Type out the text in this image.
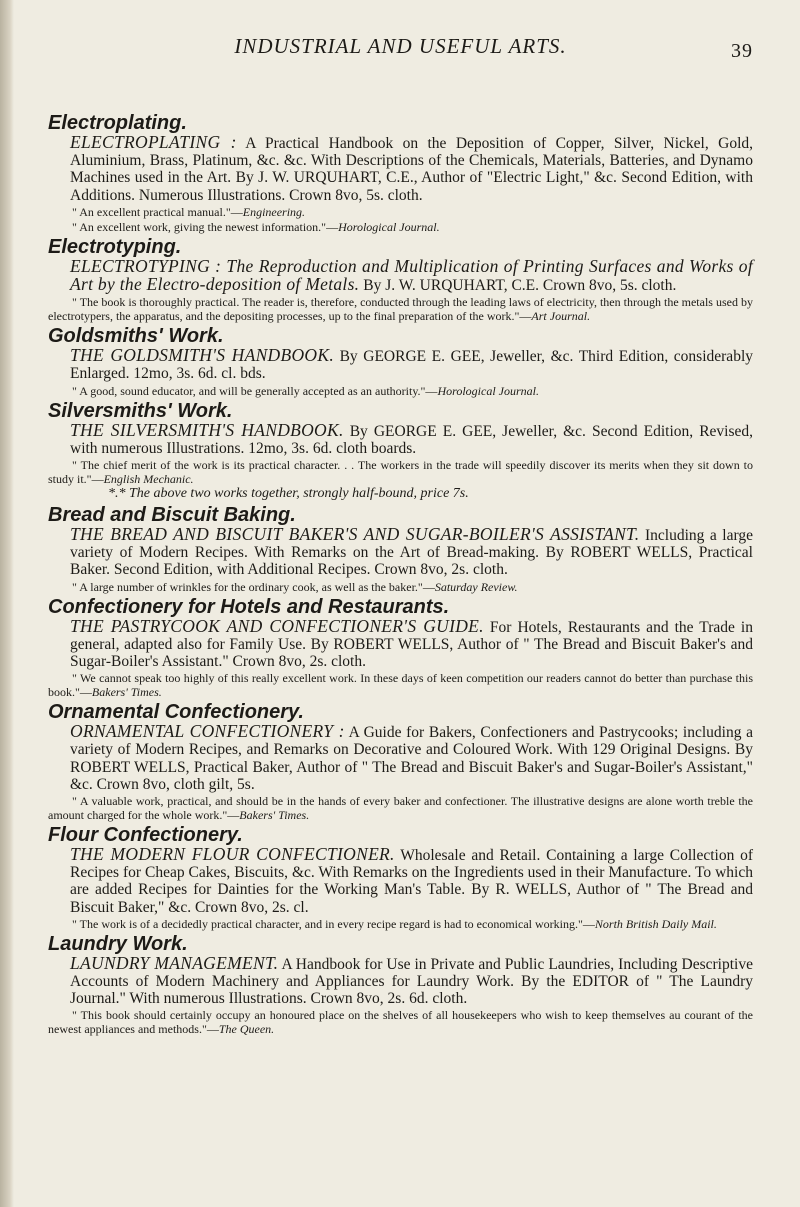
INDUSTRIAL AND USEFUL ARTS.	39

Electroplating.

ELECTROPLATING : A Practical Handbook on the Deposition of Copper, Silver, Nickel, Gold, Aluminium, Brass, Platinum, &c. &c. With Descriptions of the Chemicals, Materials, Batteries, and Dynamo Machines used in the Art. By J. W. URQUHART, C.E., Author of "Electric Light," &c. Second Edition, with Additions. Numerous Illustrations. Crown 8vo, 5s. cloth.

" An excellent practical manual."—Engineering.

" An excellent work, giving the newest information."—Horological Journal.

Electrotyping.

ELECTROTYPING : The Reproduction and Multiplication of Printing Surfaces and Works of Art by the Electro-deposition of Metals. By J. W. URQUHART, C.E. Crown 8vo, 5s. cloth.

" The book is thoroughly practical. The reader is, therefore, conducted through the leading laws of electricity, then through the metals used by electrotypers, the apparatus, and the depositing processes, up to the final preparation of the work."—Art Journal.

Goldsmiths' Work.

THE GOLDSMITH'S HANDBOOK. By GEORGE E. GEE, Jeweller, &c. Third Edition, considerably Enlarged. 12mo, 3s. 6d. cl. bds.

" A good, sound educator, and will be generally accepted as an authority."—Horological Journal.

Silversmiths' Work.

THE SILVERSMITH'S HANDBOOK. By GEORGE E. GEE, Jeweller, &c. Second Edition, Revised, with numerous Illustrations. 12mo, 3s. 6d. cloth boards.

" The chief merit of the work is its practical character. . . The workers in the trade will speedily discover its merits when they sit down to study it."—English Mechanic.

*.* The above two works together, strongly half-bound, price 7s.

Bread and Biscuit Baking.

THE BREAD AND BISCUIT BAKER'S AND SUGAR-BOILER'S ASSISTANT. Including a large variety of Modern Recipes. With Remarks on the Art of Bread-making. By ROBERT WELLS, Practical Baker. Second Edition, with Additional Recipes. Crown 8vo, 2s. cloth.

" A large number of wrinkles for the ordinary cook, as well as the baker."—Saturday Review.

Confectionery for Hotels and Restaurants.

THE PASTRYCOOK AND CONFECTIONER'S GUIDE. For Hotels, Restaurants and the Trade in general, adapted also for Family Use. By ROBERT WELLS, Author of " The Bread and Biscuit Baker's and Sugar-Boiler's Assistant." Crown 8vo, 2s. cloth.

" We cannot speak too highly of this really excellent work. In these days of keen competition our readers cannot do better than purchase this book."—Bakers' Times.

Ornamental Confectionery.

ORNAMENTAL CONFECTIONERY : A Guide for Bakers, Confectioners and Pastrycooks; including a variety of Modern Recipes, and Remarks on Decorative and Coloured Work. With 129 Original Designs. By ROBERT WELLS, Practical Baker, Author of " The Bread and Biscuit Baker's and Sugar-Boiler's Assistant," &c. Crown 8vo, cloth gilt, 5s.

" A valuable work, practical, and should be in the hands of every baker and confectioner. The illustrative designs are alone worth treble the amount charged for the whole work."—Bakers' Times.

Flour Confectionery.

THE MODERN FLOUR CONFECTIONER. Wholesale and Retail. Containing a large Collection of Recipes for Cheap Cakes, Biscuits, &c. With Remarks on the Ingredients used in their Manufacture. To which are added Recipes for Dainties for the Working Man's Table. By R. WELLS, Author of " The Bread and Biscuit Baker," &c. Crown 8vo, 2s. cl.

" The work is of a decidedly practical character, and in every recipe regard is had to economical working."—North British Daily Mail.

Laundry Work.

LAUNDRY MANAGEMENT. A Handbook for Use in Private and Public Laundries, Including Descriptive Accounts of Modern Machinery and Appliances for Laundry Work. By the EDITOR of " The Laundry Journal." With numerous Illustrations. Crown 8vo, 2s. 6d. cloth.

" This book should certainly occupy an honoured place on the shelves of all housekeepers who wish to keep themselves au courant of the newest appliances and methods."—The Queen.
